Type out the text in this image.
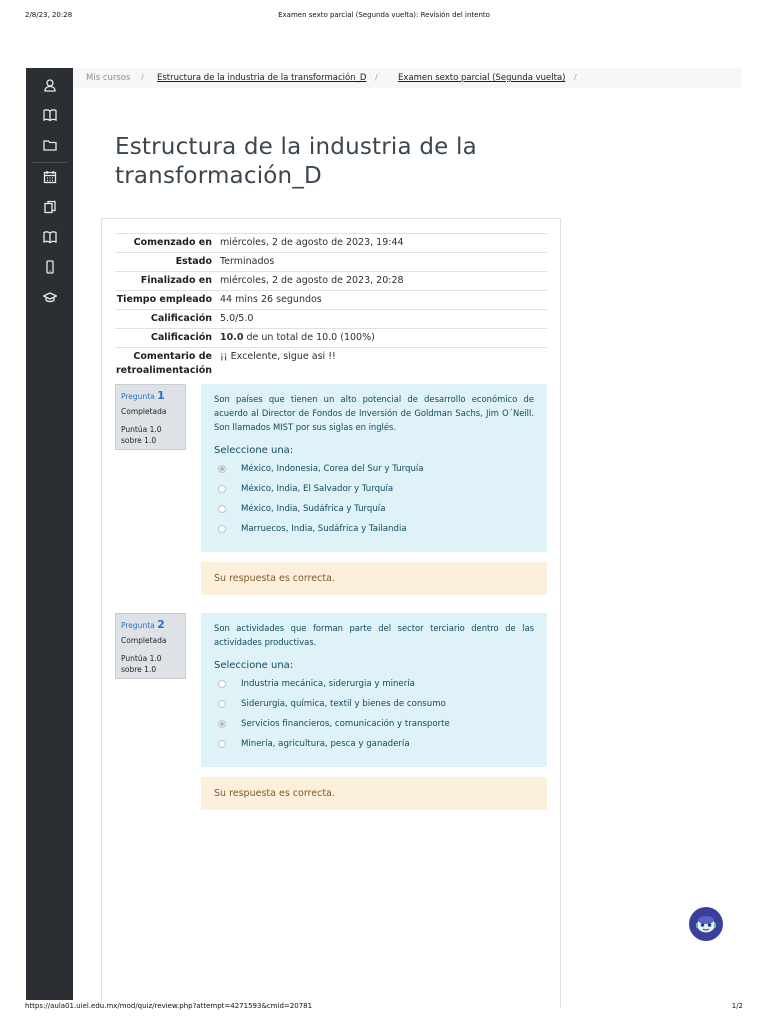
2/8/23, 20:28	Examen sexto parcial (Segunda vuelta): Revisión del intento
Mis cursos / Estructura de la industria de la transformación_D / Examen sexto parcial (Segunda vuelta) /
Estructura de la industria de la transformación_D
Comenzado en	miércoles, 2 de agosto de 2023, 19:44
Estado	Terminados
Finalizado en	miércoles, 2 de agosto de 2023, 20:28
Tiempo empleado	44 mins 26 segundos
Calificación	5.0/5.0
Calificación	10.0 de un total de 10.0 (100%)
Comentario de retroalimentación	¡¡ Excelente, sigue asi !!
Pregunta 1
Completada
Puntúa 1.0 sobre 1.0
Son países que tienen un alto potencial de desarrollo económico de acuerdo al Director de Fondos de Inversión de Goldman Sachs, Jim O´Neill. Son llamados MIST por sus siglas en inglés.
Seleccione una:
México, Indonesia, Corea del Sur y Turquía
México, India, El Salvador y Turquía
México, India, Sudáfrica y Turquía
Marruecos, India, Sudáfrica y Tailandia
Su respuesta es correcta.
Pregunta 2
Completada
Puntúa 1.0 sobre 1.0
Son actividades que forman parte del sector terciario dentro de las actividades productivas.
Seleccione una:
Industria mecánica, siderurgia y minería
Siderurgia, química, textil y bienes de consumo
Servicios financieros, comunicación y transporte
Minería, agricultura, pesca y ganadería
Su respuesta es correcta.
https://aula01.uiel.edu.mx/mod/quiz/review.php?attempt=4271593&cmid=20781	1/2
